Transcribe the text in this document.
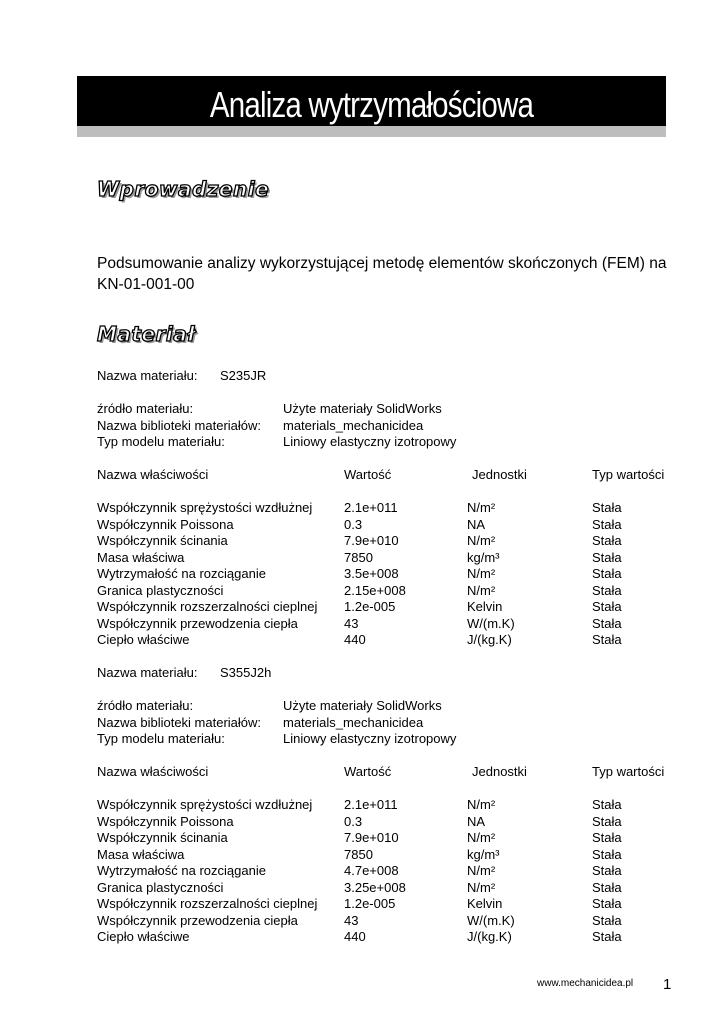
Analiza wytrzymałościowa
Wprowadzenie

Podsumowanie analizy wykorzystującej metodę elementów skończonych (FEM) na KN-01-001-00

Materiał
Nazwa materiału: S235JR
źródło materiału:	Użyte materiały SolidWorks
Nazwa biblioteki materiałów: materials_mechanicidea
Typ modelu materiału:	Liniowy elastyczny izotropowy
Nazwa właściwości	Wartość	Jednostki	Typ wartości
Współczynnik sprężystości wzdłużnej 2.1e+011	N/m²	Stała
Współczynnik Poissona	0.3	NA	Stała
Współczynnik ścinania	7.9e+010	N/m²	Stała
Masa właściwa	7850	kg/m³	Stała
Wytrzymałość na rozciąganie	3.5e+008	N/m²	Stała
Granica plastyczności	2.15e+008	N/m²	Stała
Współczynnik rozszerzalności cieplnej 1.2e-005	Kelvin	Stała
Współczynnik przewodzenia ciepła	43	W/(m.K)	Stała
Ciepło właściwe	440	J/(kg.K)	Stała
Nazwa materiału: S355J2h
źródło materiału:	Użyte materiały SolidWorks
Nazwa biblioteki materiałów: materials_mechanicidea
Typ modelu materiału:	Liniowy elastyczny izotropowy
Nazwa właściwości	Wartość	Jednostki	Typ wartości
Współczynnik sprężystości wzdłużnej 2.1e+011	N/m²	Stała
Współczynnik Poissona	0.3	NA	Stała
Współczynnik ścinania	7.9e+010	N/m²	Stała
Masa właściwa	7850	kg/m³	Stała
Wytrzymałość na rozciąganie	4.7e+008	N/m²	Stała
Granica plastyczności	3.25e+008	N/m²	Stała
Współczynnik rozszerzalności cieplnej 1.2e-005	Kelvin	Stała
Współczynnik przewodzenia ciepła	43	W/(m.K)	Stała
Ciepło właściwe	440	J/(kg.K)	Stała
www.mechanicidea.pl 1
